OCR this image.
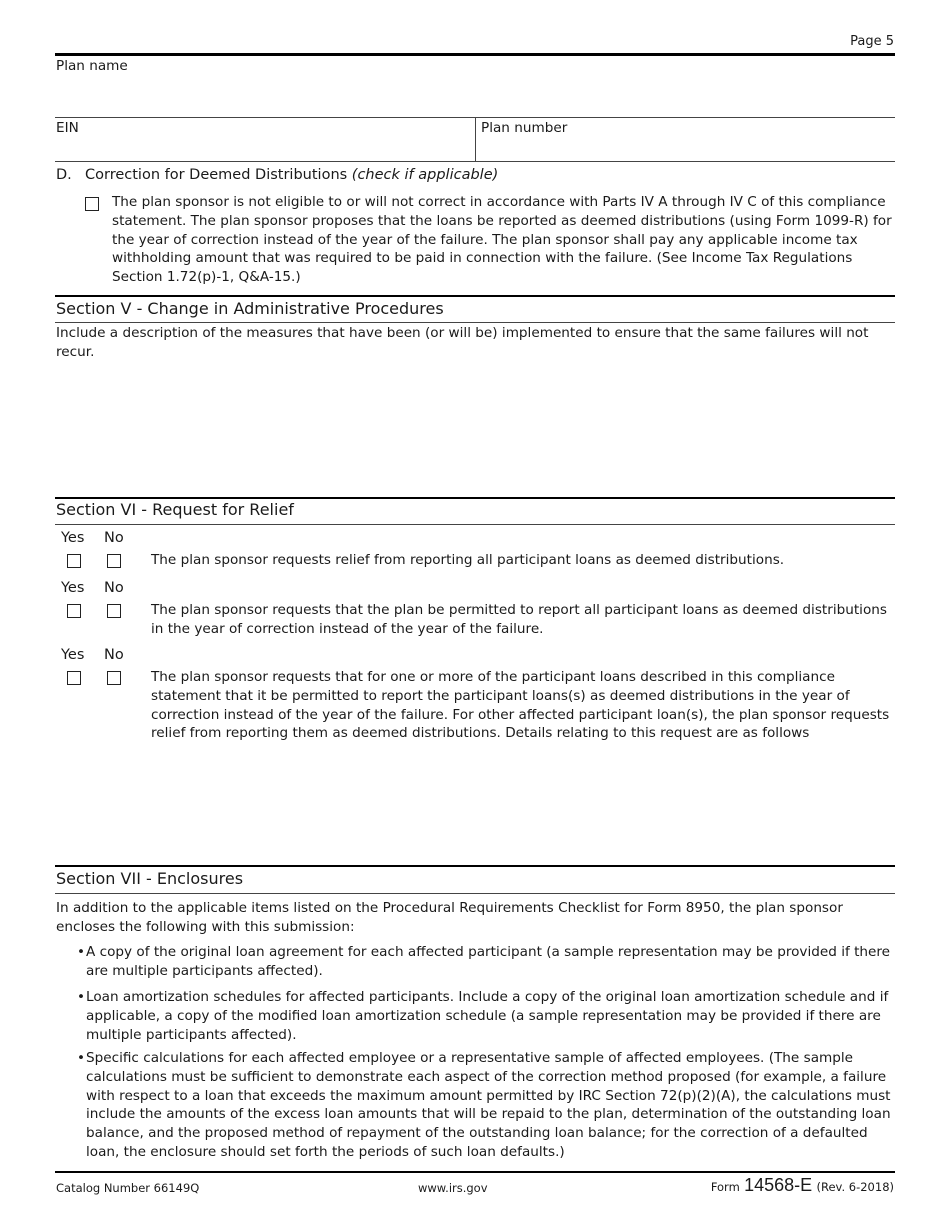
Page 5
Plan name
EIN	Plan number
D. Correction for Deemed Distributions (check if applicable)
The plan sponsor is not eligible to or will not correct in accordance with Parts IV A through IV C of this compliance statement. The plan sponsor proposes that the loans be reported as deemed distributions (using Form 1099-R) for the year of correction instead of the year of the failure. The plan sponsor shall pay any applicable income tax withholding amount that was required to be paid in connection with the failure. (See Income Tax Regulations Section 1.72(p)-1, Q&A-15.)
Section V - Change in Administrative Procedures
Include a description of the measures that have been (or will be) implemented to ensure that the same failures will not recur.
Section VI - Request for Relief
Yes No
The plan sponsor requests relief from reporting all participant loans as deemed distributions.
Yes No
The plan sponsor requests that the plan be permitted to report all participant loans as deemed distributions in the year of correction instead of the year of the failure.
Yes No
The plan sponsor requests that for one or more of the participant loans described in this compliance statement that it be permitted to report the participant loans(s) as deemed distributions in the year of correction instead of the year of the failure. For other affected participant loan(s), the plan sponsor requests relief from reporting them as deemed distributions. Details relating to this request are as follows
Section VII - Enclosures
In addition to the applicable items listed on the Procedural Requirements Checklist for Form 8950, the plan sponsor encloses the following with this submission:
• A copy of the original loan agreement for each affected participant (a sample representation may be provided if there are multiple participants affected).
• Loan amortization schedules for affected participants. Include a copy of the original loan amortization schedule and if applicable, a copy of the modified loan amortization schedule (a sample representation may be provided if there are multiple participants affected).
• Specific calculations for each affected employee or a representative sample of affected employees. (The sample calculations must be sufficient to demonstrate each aspect of the correction method proposed (for example, a failure with respect to a loan that exceeds the maximum amount permitted by IRC Section 72(p)(2)(A), the calculations must include the amounts of the excess loan amounts that will be repaid to the plan, determination of the outstanding loan balance, and the proposed method of repayment of the outstanding loan balance; for the correction of a defaulted loan, the enclosure should set forth the periods of such loan defaults.)
Catalog Number 66149Q	www.irs.gov	Form 14568-E (Rev. 6-2018)
